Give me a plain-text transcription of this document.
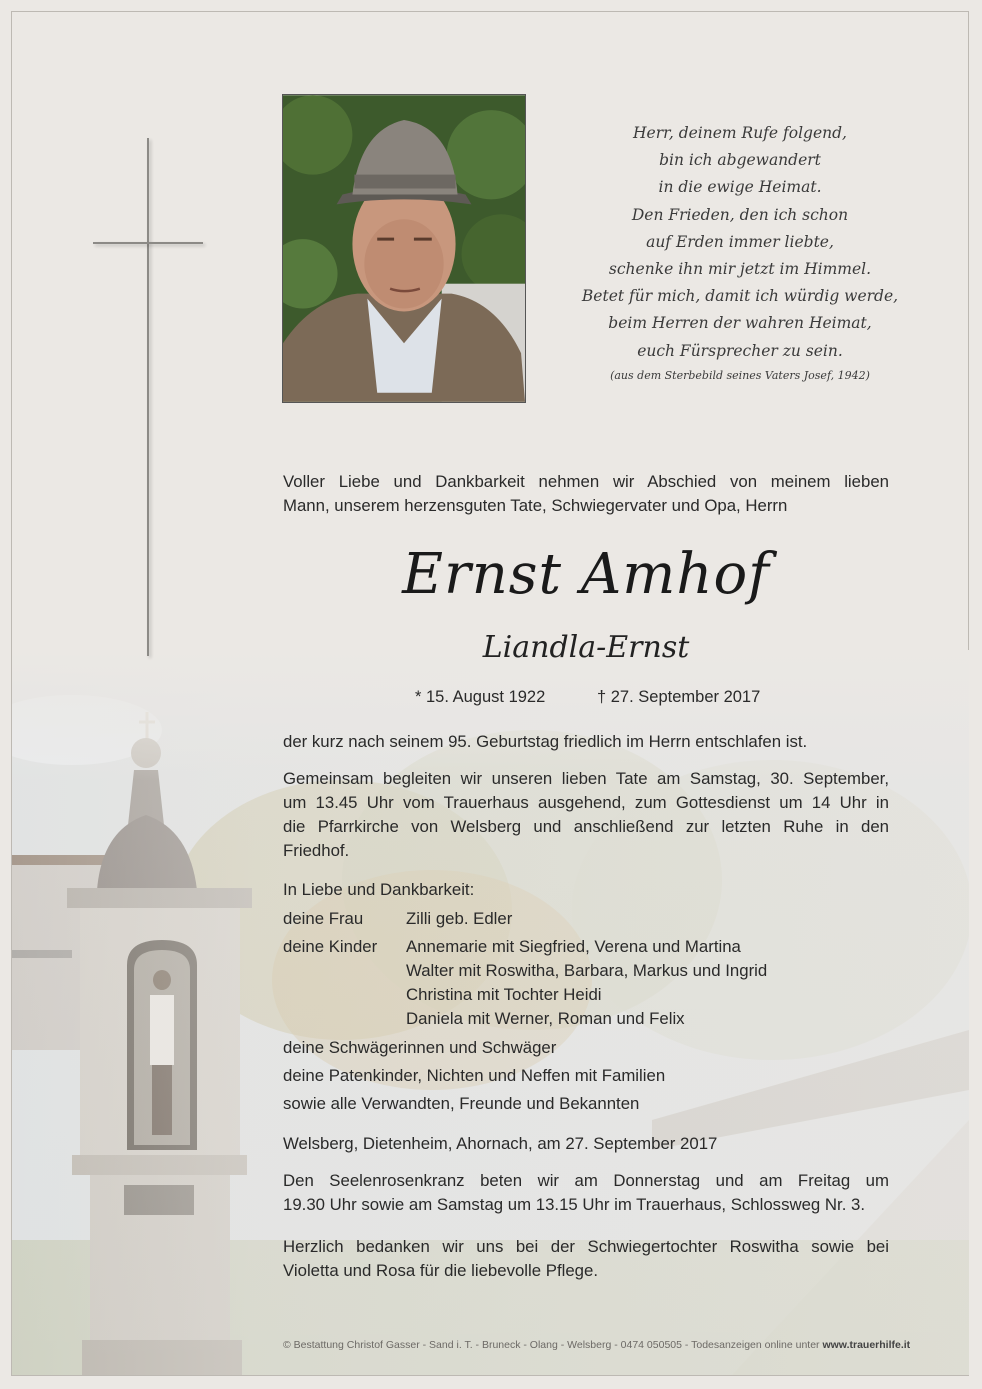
Herr, deinem Rufe folgend,
bin ich abgewandert
in die ewige Heimat.
Den Frieden, den ich schon
auf Erden immer liebte,
schenke ihn mir jetzt im Himmel.
Betet für mich, damit ich würdig werde,
beim Herren der wahren Heimat,
euch Fürsprecher zu sein.
(aus dem Sterbebild seines Vaters Josef, 1942)
Voller Liebe und Dankbarkeit nehmen wir Abschied von meinem lieben
Mann, unserem herzensguten Tate, Schwiegervater und Opa, Herrn
Ernst Amhof
Liandla-Ernst
* 15. August 1922	† 27. September 2017
der kurz nach seinem 95. Geburtstag friedlich im Herrn entschlafen ist.
Gemeinsam begleiten wir unseren lieben Tate am Samstag, 30. September,
um 13.45 Uhr vom Trauerhaus ausgehend, zum Gottesdienst um 14 Uhr in
die Pfarrkirche von Welsberg und anschließend zur letzten Ruhe in den
Friedhof.
In Liebe und Dankbarkeit:
deine Frau	Zilli geb. Edler
deine Kinder Annemarie mit Siegfried, Verena und Martina
Walter mit Roswitha, Barbara, Markus und Ingrid
Christina mit Tochter Heidi
Daniela mit Werner, Roman und Felix
deine Schwägerinnen und Schwäger
deine Patenkinder, Nichten und Neffen mit Familien
sowie alle Verwandten, Freunde und Bekannten
Welsberg, Dietenheim, Ahornach, am 27. September 2017
Den Seelenrosenkranz beten wir am Donnerstag und am Freitag um
19.30 Uhr sowie am Samstag um 13.15 Uhr im Trauerhaus, Schlossweg Nr. 3.
Herzlich bedanken wir uns bei der Schwiegertochter Roswitha sowie bei
Violetta und Rosa für die liebevolle Pflege.
© Bestattung Christof Gasser - Sand i. T. - Bruneck - Olang - Welsberg - 0474 050505 - Todesanzeigen online unter www.trauerhilfe.it
